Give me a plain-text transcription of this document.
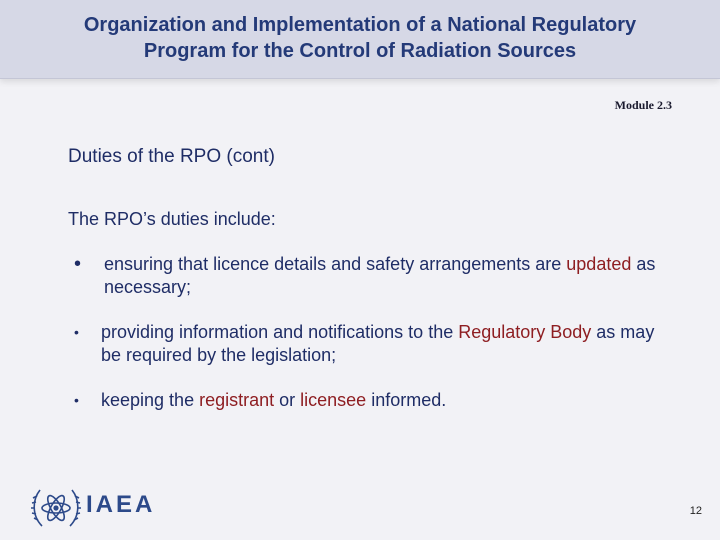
Organization and Implementation of a National Regulatory
Program for the Control of Radiation Sources
Module 2.3
Duties of the RPO (cont)
The RPO’s duties include:
• ensuring that licence details and safety arrangements are updated as necessary;
• providing information and notifications to the Regulatory Body as may be required by the legislation;
• keeping the registrant or licensee informed.
IAEA	12
